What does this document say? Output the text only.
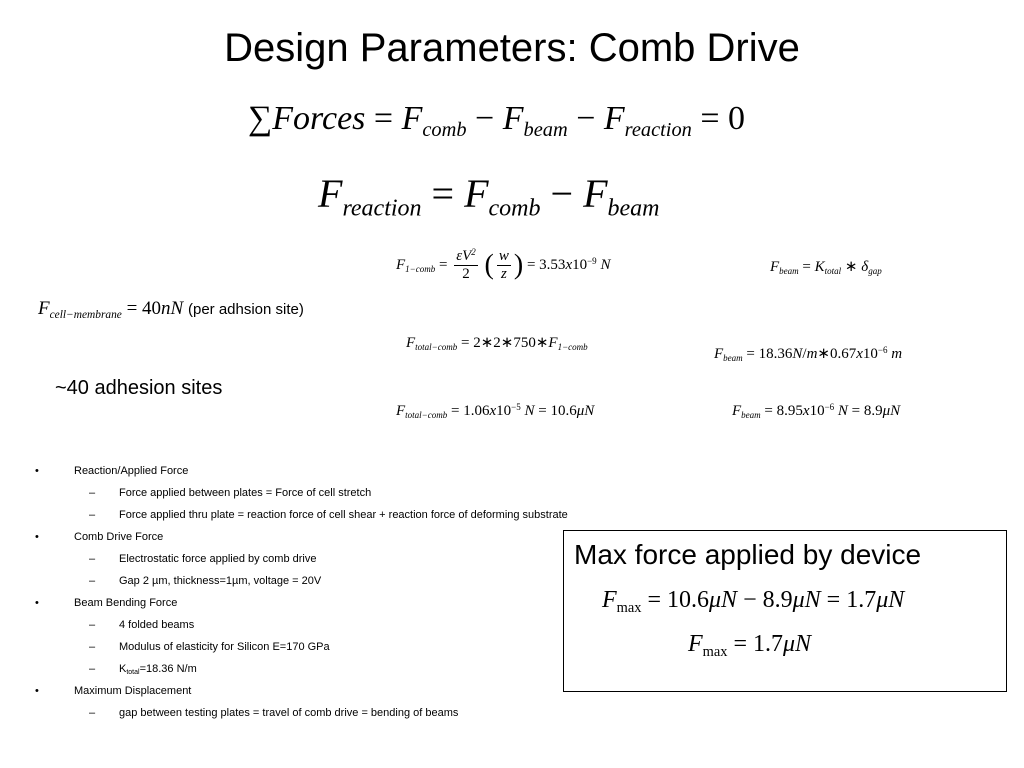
Design Parameters: Comb Drive
∑Forces = $F_{comb} - F_{beam} - F_{reaction} = 0$
$F_{reaction} = F_{comb} - F_{beam}$
$F_{1-comb} = \frac{\varepsilon V^2}{2}$ ( $\frac{w}{z}$ ) = $3.53x10^{-9}$ N	$F_{beam} = K_{total}$ ∗ $\delta_{gap}$
$F_{cell-membrane} = 40nN$ (per adhsion site)
$F_{total-comb}$ = $2∗2∗750∗F_{1-comb}$	$F_{beam}$ = $18.36N/m∗0.67x10^{-6}$ m
~40 adhesion sites
$F_{total-comb} = 1.06x10^{-5}$ N = 10.6μN	$F_{beam} = 8.95x10^{-6}$ N = 8.9μN
•	Reaction/Applied Force
– Force applied between plates = Force of cell stretch
– Force applied thru plate = reaction force of cell shear + reaction force of deforming substrate
•	Comb Drive Force
– Electrostatic force applied by comb drive
– Gap 2 µm, thickness=1µm, voltage = 20V
•	Beam Bending Force
– 4 folded beams
– Modulus of elasticity for Silicon E=170 GPa
– Ktotal=18.36 N/m
•	Maximum Displacement
– gap between testing plates = travel of comb drive = bending of beams
Max force applied by device
$F_{max} = 10.6\mu N - 8.9\mu N = 1.7\mu N$
$F_{max} = 1.7\mu N$
